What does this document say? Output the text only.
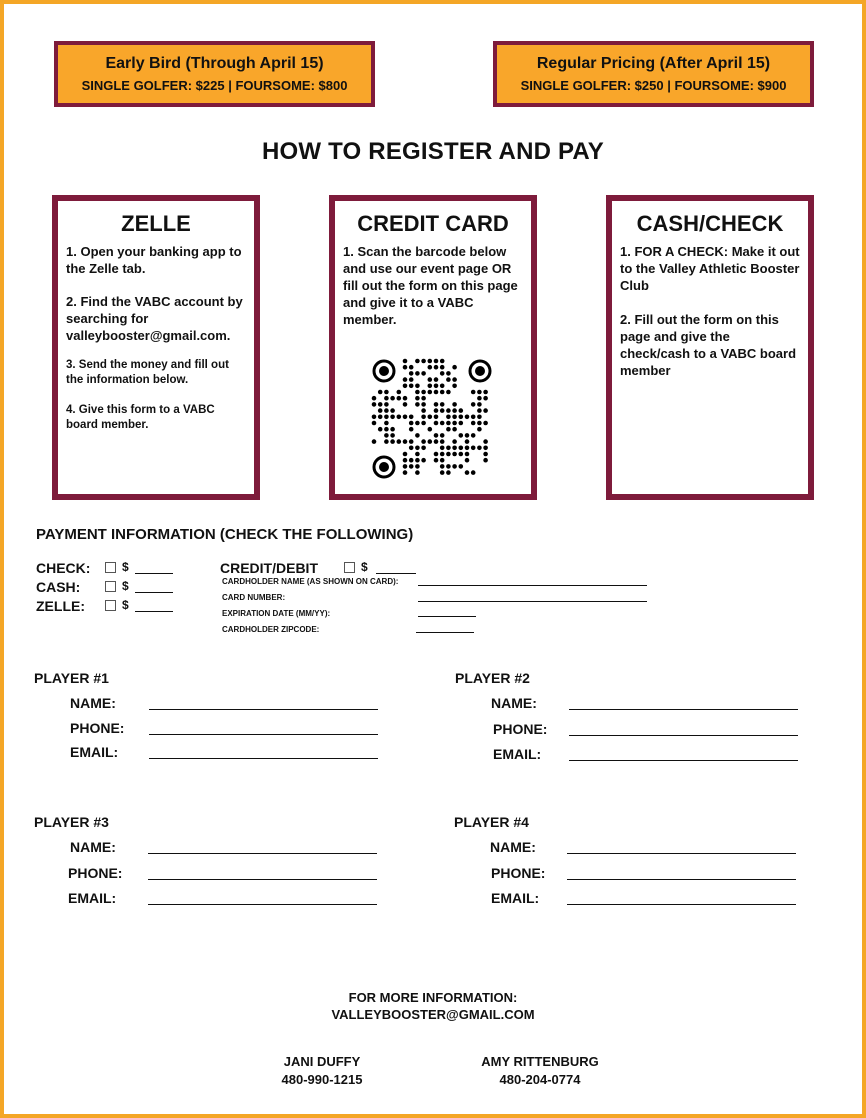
Early Bird (Through April 15)
SINGLE GOLFER: $225 | FOURSOME: $800
Regular Pricing (After April 15)
SINGLE GOLFER: $250 | FOURSOME: $900
HOW TO REGISTER AND PAY
ZELLE
1. Open your banking app to the Zelle tab.
2. Find the VABC account by searching for
valleybooster@gmail.com.
3. Send the money and fill out the information below.
4. Give this form to a VABC board member.
CREDIT CARD
1. Scan the barcode below and use our event page OR fill out the form on this page and give it to a VABC member.
CASH/CHECK
1. FOR A CHECK: Make it out to the Valley Athletic Booster Club
2. Fill out the form on this page and give the check/cash to a VABC board member
PAYMENT INFORMATION (CHECK THE FOLLOWING)
CHECK:	$
CASH:	$
ZELLE:	$
CREDIT/DEBIT	$
CARDHOLDER NAME (AS SHOWN ON CARD):
CARD NUMBER:
EXPIRATION DATE (MM/YY):
CARDHOLDER ZIPCODE:
PLAYER #1
NAME:
PHONE:
EMAIL:
PLAYER #2
NAME:
PHONE:
EMAIL:
PLAYER #3
NAME:
PHONE:
EMAIL:
PLAYER #4
NAME:
PHONE:
EMAIL:
FOR MORE INFORMATION:
VALLEYBOOSTER@GMAIL.COM
JANI DUFFY
480-990-1215
AMY RITTENBURG
480-204-0774
